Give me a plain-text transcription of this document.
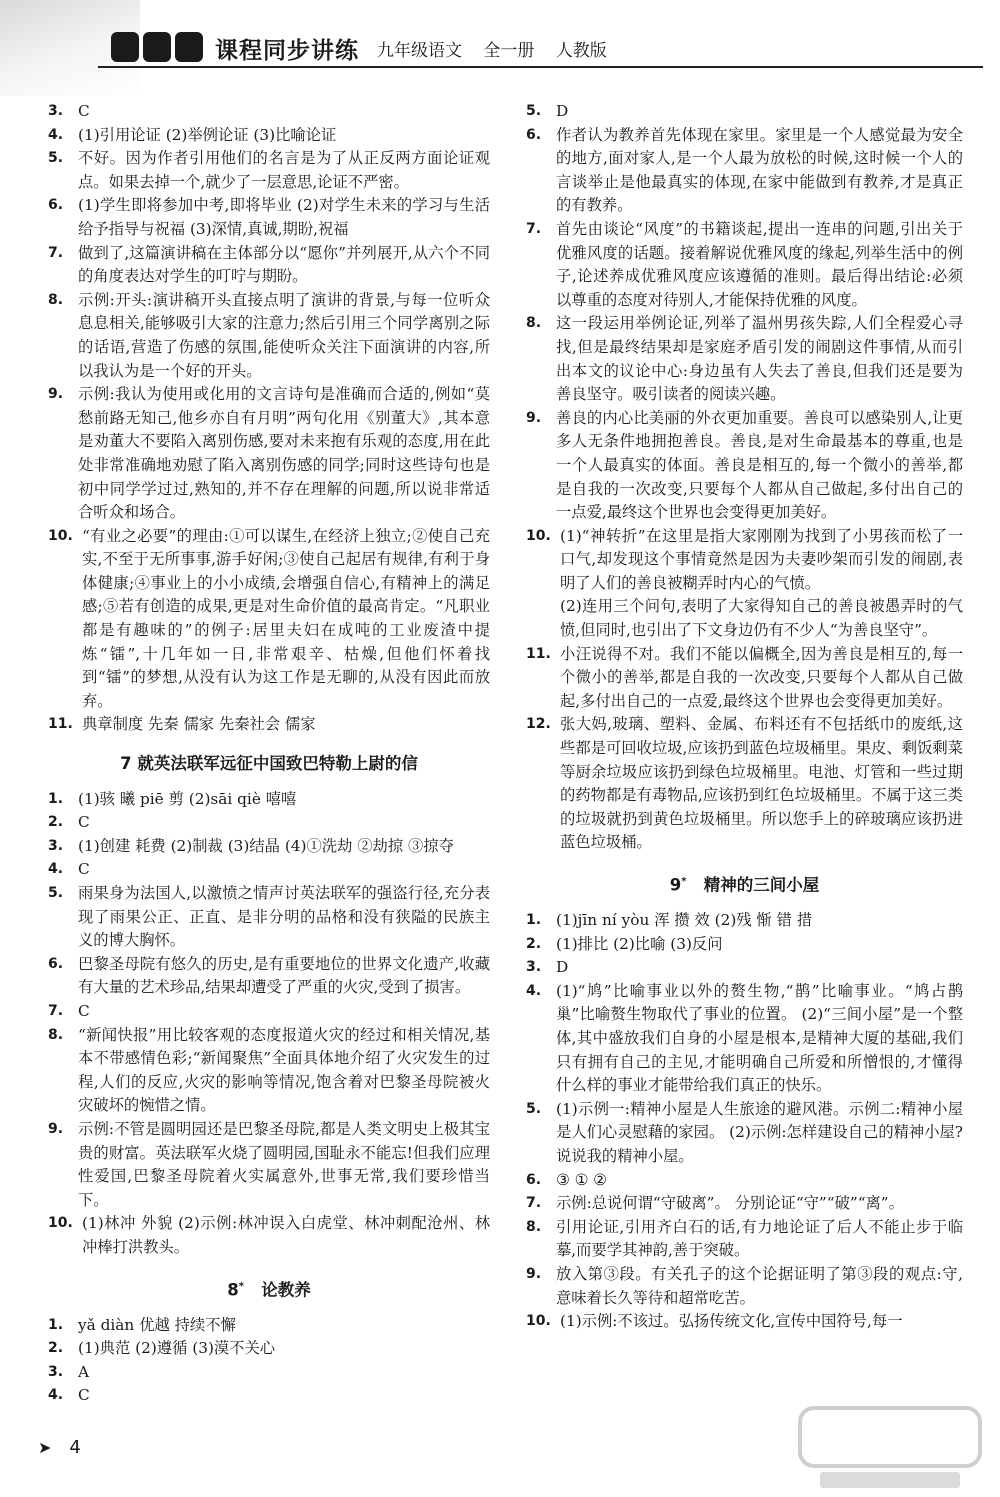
课程同步讲练 九年级语文 全一册 人教版
3. C

4. (1)引用论证 (2)举例论证 (3)比喻论证

5. 不好。因为作者引用他们的名言是为了从正反两方面论证观点。如果去掉一个,就少了一层意思,论证不严密。

6. (1)学生即将参加中考,即将毕业 (2)对学生未来的学习与生活给予指导与祝福 (3)深情,真诚,期盼,祝福

7. 做到了,这篇演讲稿在主体部分以“愿你”并列展开,从六个不同的角度表达对学生的叮咛与期盼。

8. 示例:开头:演讲稿开头直接点明了演讲的背景,与每一位听众息息相关,能够吸引大家的注意力;然后引用三个同学离别之际的话语,营造了伤感的氛围,能使听众关注下面演讲的内容,所以我认为是一个好的开头。

9. 示例:我认为使用或化用的文言诗句是准确而合适的,例如“莫愁前路无知己,他乡亦自有月明”两句化用《别董大》,其本意是劝董大不要陷入离别伤感,要对未来抱有乐观的态度,用在此处非常准确地劝慰了陷入离别伤感的同学;同时这些诗句也是初中同学学过过,熟知的,并不存在理解的问题,所以说非常适合听众和场合。

10. “有业之必要”的理由:①可以谋生,在经济上独立;②使自己充实,不至于无所事事,游手好闲;③使自己起居有规律,有利于身体健康;④事业上的小小成绩,会增强自信心,有精神上的满足感;⑤若有创造的成果,更是对生命价值的最高肯定。“凡职业都是有趣味的”的例子:居里夫妇在成吨的工业废渣中提炼“镭”,十几年如一日,非常艰辛、枯燥,但他们怀着找到“镭”的梦想,从没有认为这工作是无聊的,从没有因此而放弃。

11. 典章制度 先秦 儒家 先秦社会 儒家

7 就英法联军远征中国致巴特勒上尉的信
1. (1)骇 曦 piē 剪 (2)sāi qiè 嘻嘻

2. C

3. (1)创建 耗费 (2)制裁 (3)结晶 (4)①洗劫 ②劫掠 ③掠夺

4. C

5. 雨果身为法国人,以激愤之情声讨英法联军的强盗行径,充分表现了雨果公正、正直、是非分明的品格和没有狭隘的民族主义的博大胸怀。

6. 巴黎圣母院有悠久的历史,是有重要地位的世界文化遗产,收藏有大量的艺术珍品,结果却遭受了严重的火灾,受到了损害。

7. C

8. “新闻快报”用比较客观的态度报道火灾的经过和相关情况,基本不带感情色彩;“新闻聚焦”全面具体地介绍了火灾发生的过程,人们的反应,火灾的影响等情况,饱含着对巴黎圣母院被火灾破坏的惋惜之情。

9. 示例:不管是圆明园还是巴黎圣母院,都是人类文明史上极其宝贵的财富。英法联军火烧了圆明园,国耻永不能忘!但我们应理性爱国,巴黎圣母院着火实属意外,世事无常,我们要珍惜当下。

10. (1)林冲 外貌 (2)示例:林冲误入白虎堂、林冲刺配沧州、林冲棒打洪教头。

8* 论教养
1. yǎ diàn 优越 持续不懈

2. (1)典范 (2)遵循 (3)漠不关心

3. A

4. C

5. D

6. 作者认为教养首先体现在家里。家里是一个人感觉最为安全的地方,面对家人,是一个人最为放松的时候,这时候一个人的言谈举止是他最真实的体现,在家中能做到有教养,才是真正的有教养。

7. 首先由谈论“风度”的书籍谈起,提出一连串的问题,引出关于优雅风度的话题。接着解说优雅风度的缘起,列举生活中的例子,论述养成优雅风度应该遵循的准则。最后得出结论:必须以尊重的态度对待别人,才能保持优雅的风度。

8. 这一段运用举例论证,列举了温州男孩失踪,人们全程爱心寻找,但是最终结果却是家庭矛盾引发的闹剧这件事情,从而引出本文的议论中心:身边虽有人失去了善良,但我们还是要为善良坚守。吸引读者的阅读兴趣。

9. 善良的内心比美丽的外衣更加重要。善良可以感染别人,让更多人无条件地拥抱善良。善良,是对生命最基本的尊重,也是一个人最真实的体面。善良是相互的,每一个微小的善举,都是自我的一次改变,只要每个人都从自己做起,多付出自己的一点爱,最终这个世界也会变得更加美好。

10. (1)“神转折”在这里是指大家刚刚为找到了小男孩而松了一口气,却发现这个事情竟然是因为夫妻吵架而引发的闹剧,表明了人们的善良被糊弄时内心的气愤。

(2)连用三个问句,表明了大家得知自己的善良被愚弄时的气愤,但同时,也引出了下文身边仍有不少人“为善良坚守”。

11. 小汪说得不对。我们不能以偏概全,因为善良是相互的,每一个微小的善举,都是自我的一次改变,只要每个人都从自己做起,多付出自己的一点爱,最终这个世界也会变得更加美好。

12. 张大妈,玻璃、塑料、金属、布料还有不包括纸巾的废纸,这些都是可回收垃圾,应该扔到蓝色垃圾桶里。果皮、剩饭剩菜等厨余垃圾应该扔到绿色垃圾桶里。电池、灯管和一些过期的药物都是有毒物品,应该扔到红色垃圾桶里。不属于这三类的垃圾就扔到黄色垃圾桶里。所以您手上的碎玻璃应该扔进蓝色垃圾桶。

9* 精神的三间小屋
1. (1)jīn ní yòu 浑 攒 效 (2)残 惭 错 措

2. (1)排比 (2)比喻 (3)反问

3. D

4. (1)“鸠”比喻事业以外的赘生物,“鹊”比喻事业。“鸠占鹊巢”比喻赘生物取代了事业的位置。 (2)“三间小屋”是一个整体,其中盛放我们自身的小屋是根本,是精神大厦的基础,我们只有拥有自己的主见,才能明确自己所爱和所憎恨的,才懂得什么样的事业才能带给我们真正的快乐。

5. (1)示例一:精神小屋是人生旅途的避风港。示例二:精神小屋是人们心灵慰藉的家园。 (2)示例:怎样建设自己的精神小屋? 说说我的精神小屋。

6. ③ ① ②

7. 示例:总说何谓“守破离”。 分别论证“守”“破”“离”。

8. 引用论证,引用齐白石的话,有力地论证了后人不能止步于临摹,而要学其神韵,善于突破。

9. 放入第③段。有关孔子的这个论据证明了第③段的观点:守,意味着长久等待和超常吃苦。

10. (1)示例:不该过。弘扬传统文化,宣传中国符号,每一

➤ 4
